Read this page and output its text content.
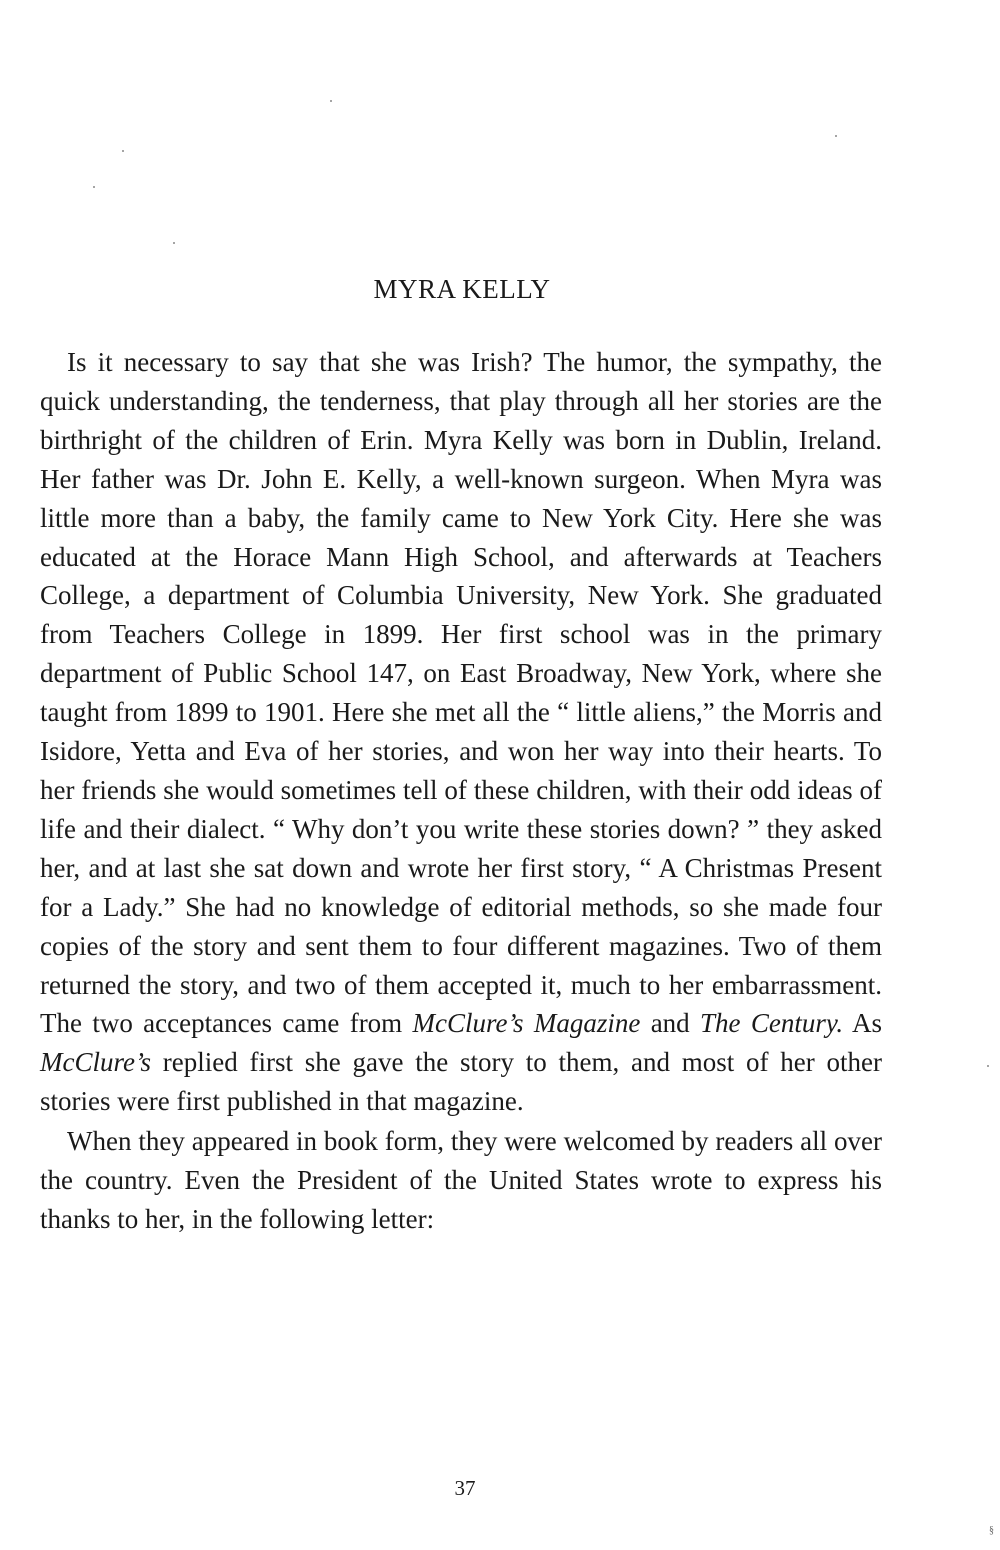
MYRA KELLY

Is it necessary to say that she was Irish? The humor, the sympathy, the quick understanding, the tenderness, that play through all her stories are the birthright of the children of Erin. Myra Kelly was born in Dublin, Ireland. Her father was Dr. John E. Kelly, a well-known surgeon. When Myra was little more than a baby, the family came to New York City. Here she was educated at the Horace Mann High School, and afterwards at Teachers College, a department of Columbia University, New York. She graduated from Teachers College in 1899. Her first school was in the primary department of Public School 147, on East Broadway, New York, where she taught from 1899 to 1901. Here she met all the “ little aliens,” the Morris and Isidore, Yetta and Eva of her stories, and won her way into their hearts. To her friends she would sometimes tell of these children, with their odd ideas of life and their dialect. “ Why don’t you write these stories down? ” they asked her, and at last she sat down and wrote her first story, “ A Christmas Present for a Lady.” She had no knowledge of editorial methods, so she made four copies of the story and sent them to four different magazines. Two of them returned the story, and two of them accepted it, much to her embarrassment. The two acceptances came from McClure’s Magazine and The Century. As McClure’s replied first she gave the story to them, and most of her other stories were first published in that magazine.

When they appeared in book form, they were welcomed by readers all over the country. Even the President of the United States wrote to express his thanks to her, in the following letter:

37
§
